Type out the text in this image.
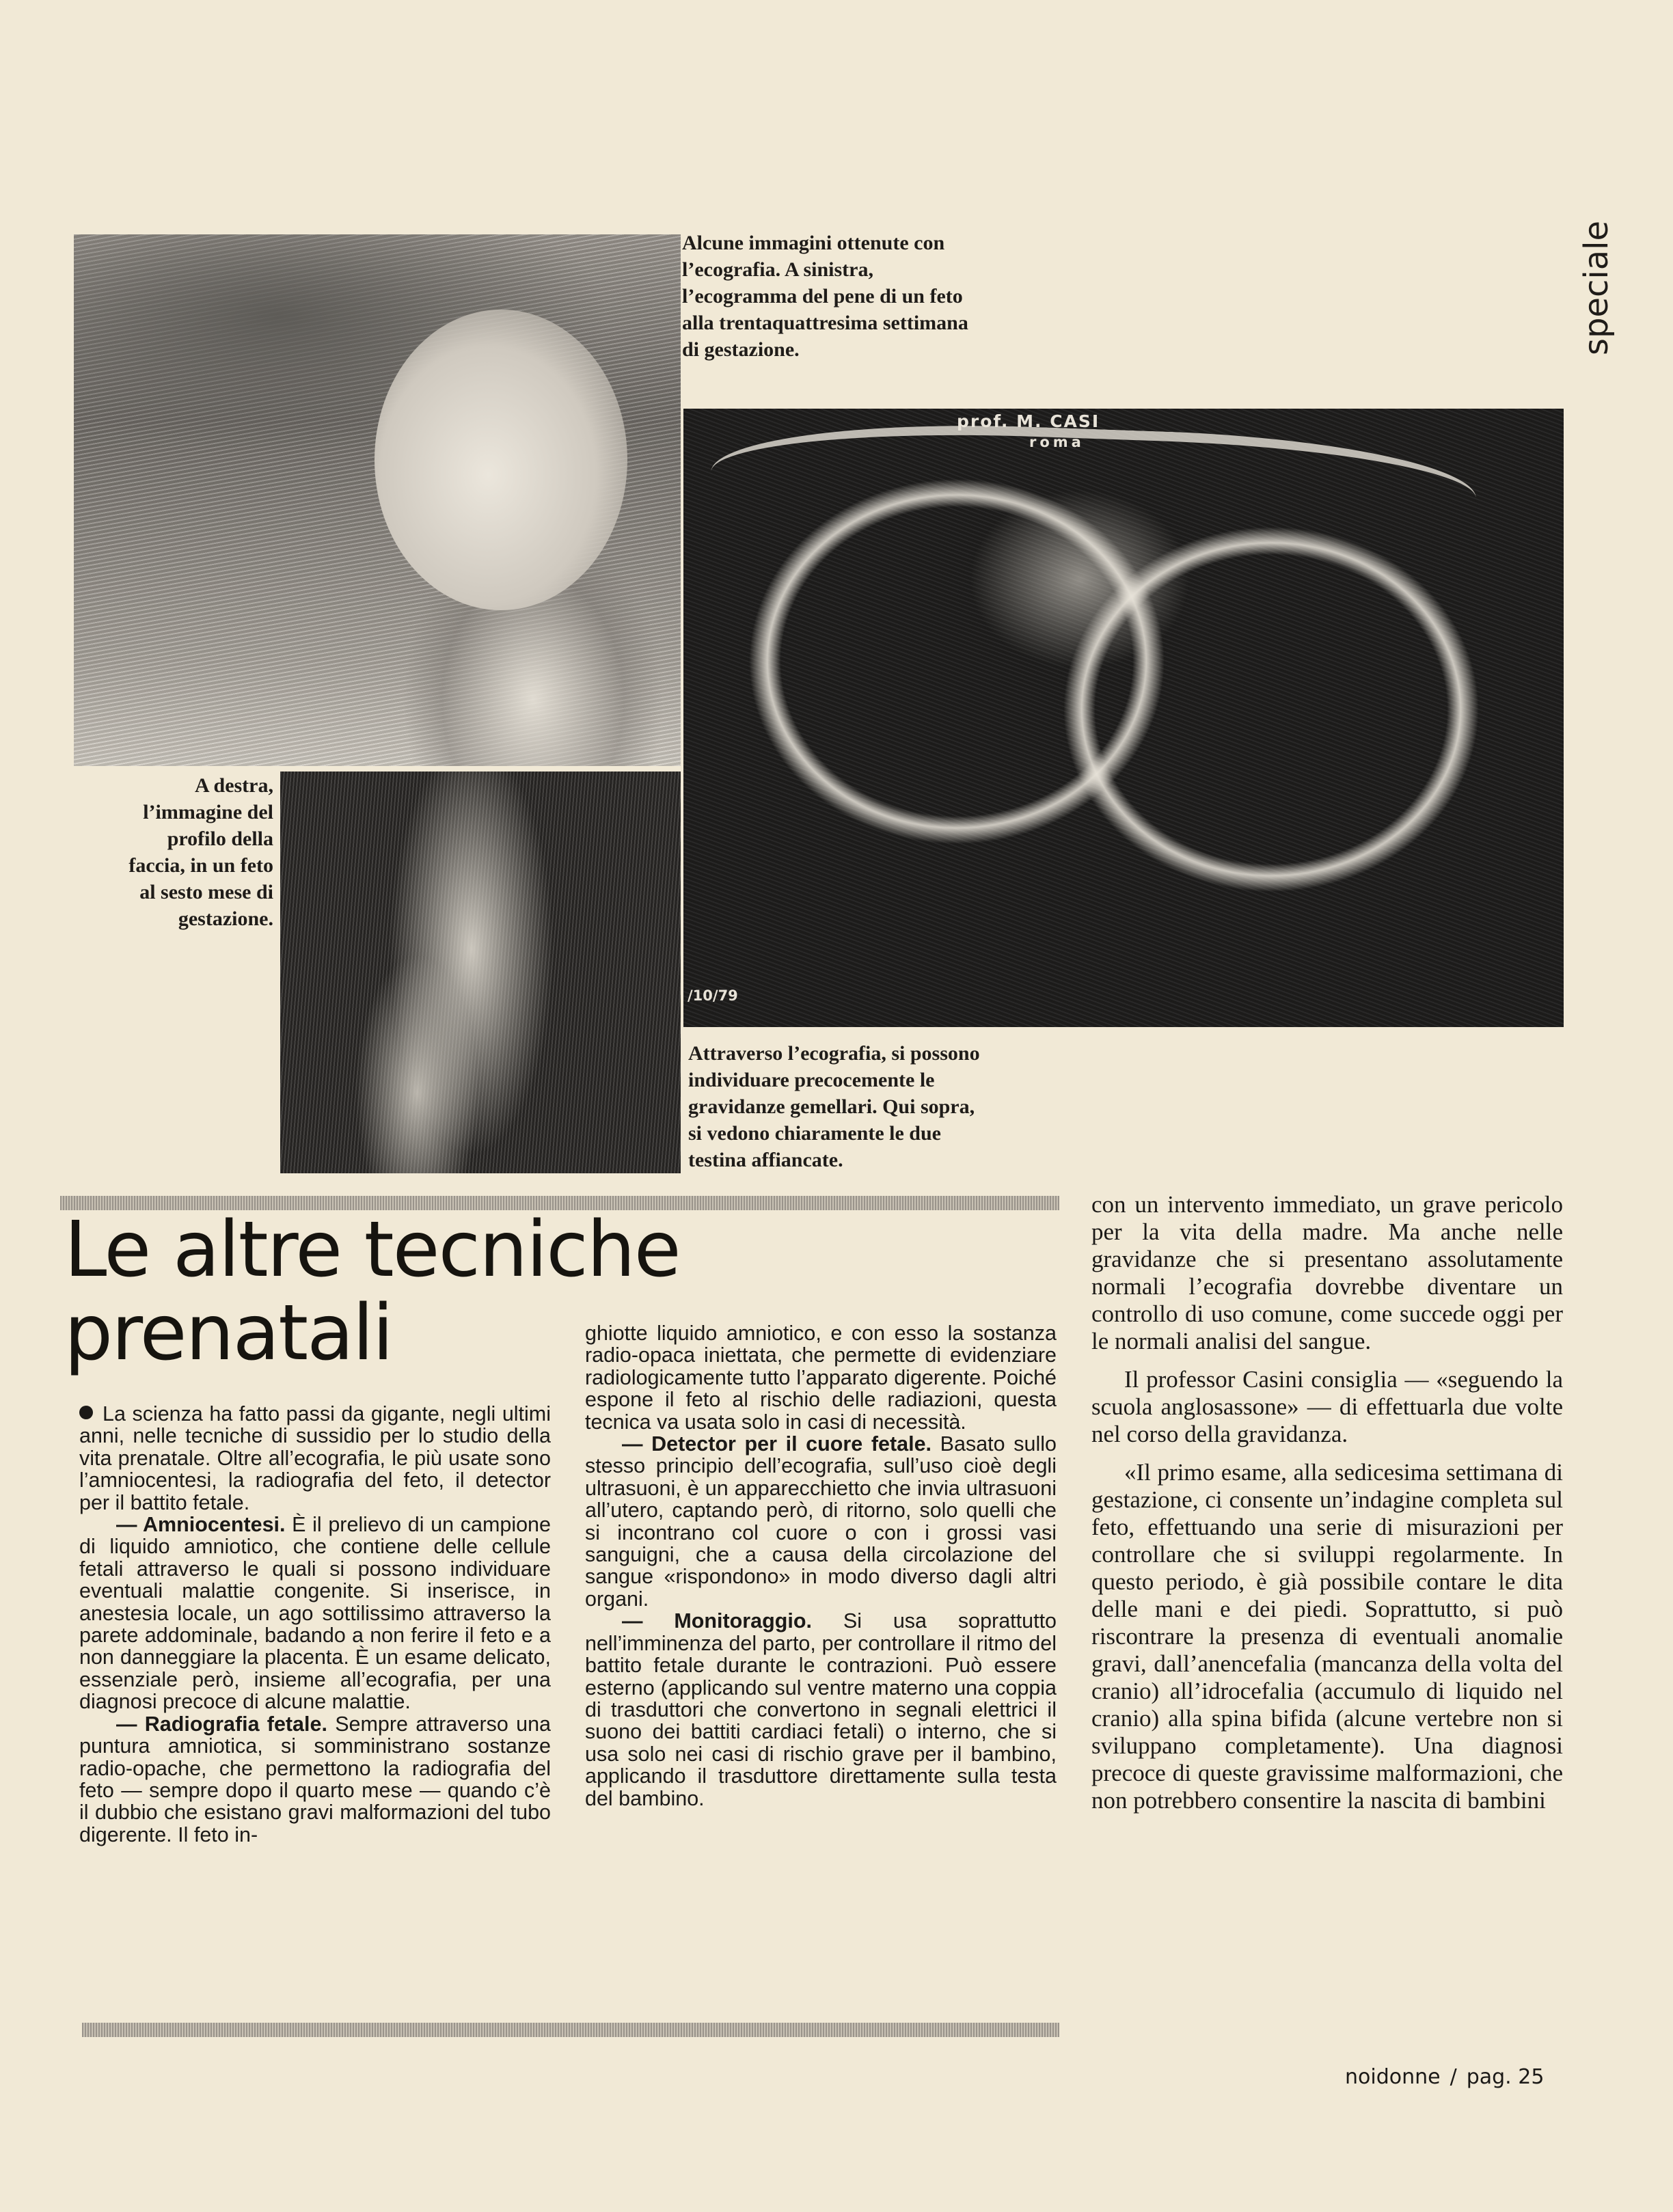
speciale
prof. M. CASI
roma
/10/79
Alcune immagini ottenute con
l’ecografia. A sinistra,
l’ecogramma del pene di un feto
alla trentaquattresima settimana
di gestazione.
A destra,
l’immagine del
profilo della
faccia, in un feto
al sesto mese di
gestazione.
Attraverso l’ecografia, si possono
individuare precocemente le
gravidanze gemellari. Qui sopra,
si vedono chiaramente le due
testina affiancate.
Le altre tecniche prenatali

La scienza ha fatto passi da gigante, negli ultimi anni, nelle tecniche di sussidio per lo studio della vita prenatale. Oltre all’ecografia, le più usate sono l’amniocentesi, la radiografia del feto, il detector per il battito fetale.

— Amniocentesi. È il prelievo di un campione di liquido amniotico, che contiene delle cellule fetali attraverso le quali si possono individuare eventuali malattie congenite. Si inserisce, in anestesia locale, un ago sottilissimo attraverso la parete addominale, badando a non ferire il feto e a non danneggiare la placenta. È un esame delicato, essenziale però, insieme all’ecografia, per una diagnosi precoce di alcune malattie.

— Radiografia fetale. Sempre attraverso una puntura amniotica, si somministrano sostanze radio-opache, che permettono la radiografia del feto — sempre dopo il quarto mese — quando c’è il dubbio che esistano gravi malformazioni del tubo digerente. Il feto in-

ghiotte liquido amniotico, e con esso la sostanza radio-opaca iniettata, che permette di evidenziare radiologicamente tutto l’apparato digerente. Poiché espone il feto al rischio delle radiazioni, questa tecnica va usata solo in casi di necessità.

— Detector per il cuore fetale. Basato sullo stesso principio dell’ecografia, sull’uso cioè degli ultrasuoni, è un apparecchietto che invia ultrasuoni all’utero, captando però, di ritorno, solo quelli che si incontrano col cuore o con i grossi vasi sanguigni, che a causa della circolazione del sangue «rispondono» in modo diverso dagli altri organi.

— Monitoraggio. Si usa soprattutto nell’imminenza del parto, per controllare il ritmo del battito fetale durante le contrazioni. Può essere esterno (applicando sul ventre materno una coppia di trasduttori che convertono in segnali elettrici il suono dei battiti cardiaci fetali) o interno, che si usa solo nei casi di rischio grave per il bambino, applicando il trasduttore direttamente sulla testa del bambino.

con un intervento immediato, un grave pericolo per la vita della madre. Ma anche nelle gravidanze che si presentano assolutamente normali l’ecografia dovrebbe diventare un controllo di uso comune, come succede oggi per le normali analisi del sangue.

Il professor Casini consiglia — «seguendo la scuola anglosassone» — di effettuarla due volte nel corso della gravidanza.

«Il primo esame, alla sedicesima settimana di gestazione, ci consente un’indagine completa sul feto, effettuando una serie di misurazioni per controllare che si sviluppi regolarmente. In questo periodo, è già possibile contare le dita delle mani e dei piedi. Soprattutto, si può riscontrare la presenza di eventuali anomalie gravi, dall’anencefalia (mancanza della volta del cranio) all’idrocefalia (accumulo di liquido nel cranio) alla spina bifida (alcune vertebre non si sviluppano completamente). Una diagnosi precoce di queste gravissime malformazioni, che non potrebbero consentire la nascita di bambini

noidonne / pag. 25
